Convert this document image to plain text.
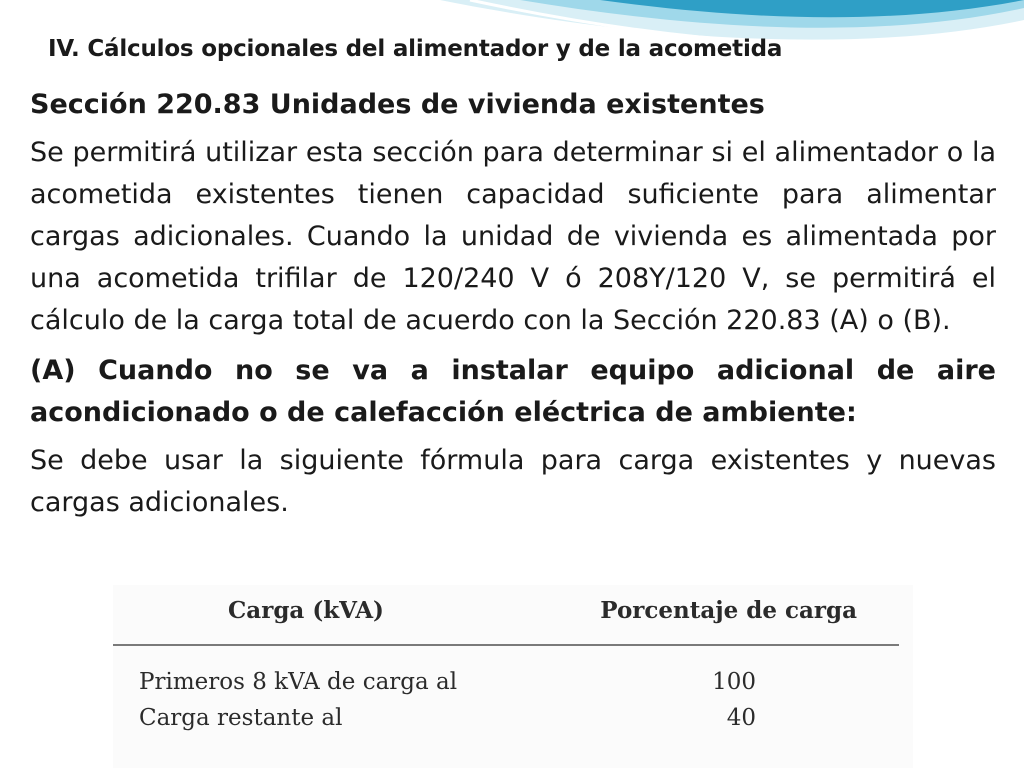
IV. Cálculos opcionales del alimentador y de la acometida

Sección 220.83 Unidades de vivienda existentes

Se permitirá utilizar esta sección para determinar si el alimentador o la acometida existentes tienen capacidad suficiente para alimentar cargas adicionales. Cuando la unidad de vivienda es alimentada por una acometida trifilar de 120/240 V ó 208Y/120 V, se permitirá el cálculo de la carga total de acuerdo con la Sección 220.83 (A) o (B).

(A) Cuando no se va a instalar equipo adicional de aire acondicionado o de calefacción eléctrica de ambiente:

Se debe usar la siguiente fórmula para carga existentes y nuevas cargas adicionales.

Carga (kVA)	Porcentaje de carga
Primeros 8 kVA de carga al	100
Carga restante al	40
